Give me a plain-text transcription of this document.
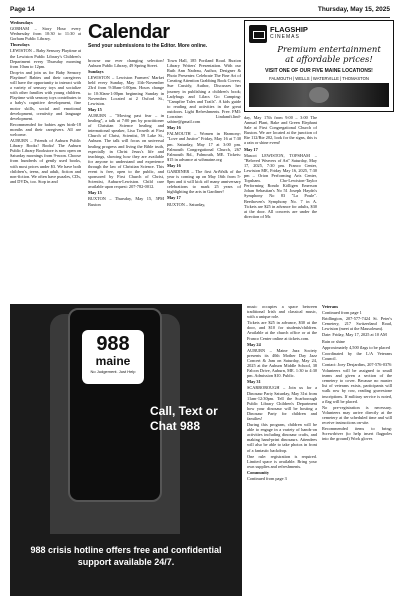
Page 14	Thursday, May 15, 2025
Calendar
Send your submissions to the Editor. More online.

Wednesdays

GORHAM – Story Hour every Wednesday from 10:30 to 11:30 at Gorham Public Library.

Thursdays

LEWISTON – Baby Sensory Playtime at the Lewiston Public Library's Children's Department every Thursday morning from 10am to 12pm.

Drop-in and join us for Baby Sensory Playtime! Babies and their caregivers will have the opportunity to interact with a variety of sensory toys and socialize with other families with young children. Playtime with sensory toys contributes to a baby's cognitive development, fine motor skills, social and emotional development, creativity and language development.

Recommended for babies ages birth-18 months and their caregivers. All are welcome.

AUBURN – Friends of Auburn Public Library Books! Books! The Auburn Public Library Bookstore is now open on Saturday mornings from 9-noon. Choose from hundreds of gently used books, with most prices under $3. We have both children's, teens, and adult, fiction and non-fiction. We often have puzzles, CDs, and DVDs, too. Stop in and

browse our ever changing selection! Auburn Public Library, 49 Spring Street.

Sundays

LEWISTON – Lewiston Farmers' Market held every Sunday, May 11th-November 23rd from 9:30am-1:00pm. Hours change to 10:30am-1:00pm beginning Sunday in November. Located at 2 Oxford St., Lewiston.

May 15

AUBURN – "Moving past fear – in healing", a talk at 7:00 pm by practitioner of Christian Science healing and international speaker, Lisa Troseth at First Church of Christ, Scientist, 59 Lake St., Auburn. The talk will focus on universal healing progress and living the Bible truth, especially in Christ Jesus's life and teachings, showing how they are available for anyone to understand and experience through the law of Christian Science. This event is free, open to the public, and sponsored by First Church of Christ, Scientist, Auburn-Lewiston. Child care available upon request: 207-782-0012.

May 15

BUXTON – Thursday, May 15, 5PM Buxton

Town Hall, 185 Portland Road. Buxton Library Writers' Presentation. With our Ruth Ann Nadeau, Author, Designer & Photo Presenter. Celebrate The Fine Art of Creating Attention Grabbing Book Covers; Sue Cassidy, Author, Discusses her journey in publishing a children's book; Ladybugs and Lilacs Go Camping: "Campfire Tales and Trails". A kids guide to reading and activities in the great outdoors. Light Refreshments. Free. FMI: Lorraine: Lindamft.lind-sabine@gmail.com

May 16

FALMOUTH – Women in Harmony: "Love and Justice" Friday, May 16 at 7:30 pm. Saturday, May 17 at 3:00 pm. Falmouth Congregational Church, 267 Falmouth Rd., Falmouth, ME. Tickets: $15 in advance at wihmaine.org

May 16

GARDINER – The first ArtWalk of the year is coming up on May 16th from 5-8pm and it will kick off many anniversary celebrations to mark 25 years of highlighting the arts in Gardiner!

May 17

BUXTON – Saturday,

day, May 17th from 9:00 – 3:00 The Annual Plant, Bake and Green Elephant Sale at First Congregational Church of Buxton. We are located at the junction of Rte 112/Rte 202, look for the signs, this is a rain or shine event!

May 17

Mascot LEWISTON, TOPSHAM – "Beloved Weavers of Art" Saturday, May 17, 2025, 7:30 pm. Franco Center, Lewiston ME, Friday May 16, 2025, 7:30 pm – Orion Performing Arts Center, Topsham. Cho-Lewiston-Taylor Performing Rondo Kölligen Emerson Johan Sebastian's No 51 Joseph Haydn's Symphony No 83 "La Poule". Beethoven's Symphony No. 7 in A. Tickets are $25 in advance for adults, $30 at the door. All concerts are under the direction of Mr.

music occupies a space between traditional Irish and classical music, with a unique role.

Tickets are $25 in advance, $30 at the door, and $10 for students/children. Available at the church office or at the Franco Center online at tickets.com.

May 24

AUBURN – Maine Jazz Society presents its 40th Mother Day Jazz Concert & Jam on Saturday, May 24, 2025 at the Auburn Middle School, 38 Falcon Drive, Auburn, ME. 1:30 to 4:30 pm. Admission $10. Public.

May 31

SCARBOROUGH – Join us for a Dinosaur Party Saturday, May 31st from 11am-12:30pm. Tell the Scarborough Public Library Children's Department how your dinosaur will be hosting a Dinosaur Party for children and families!

During this program, children will be able to engage in a variety of hands-on activities including dinosaur crafts, and making hand-print dinosaurs. Attendees will also be able to take photos in front of a fantastic backdrop.

One rule: registration is required. Limited space is available. Bring your own supplies and refreshments.

Community

Continued from page 3

Veterans

Continued from page 1

Bridlington, 207-577-7424 St. Peter's Cemetery, 217 Switzerland Road, Lewiston (meet at the Mausoleum).

Date: Friday, May 17, 2025 at 10 AM

Rain or shine

Approximately 4,500 flags to be placed

Coordinated by the L/A Veterans Council.

Contact: Joey Desjardins, 207-576-0376

Volunteers will be assigned to small teams and given a section of the cemetery to cover. Because no master list of veterans exists, participants will walk row by row, reading gravestone inscriptions. If military service is noted, a flag will be placed.

No pre-registration is necessary. Volunteers may arrive directly at the cemetery at the scheduled time and will receive instructions on-site.

Recommended items to bring: Screwdriver (to help insert flagpoles into the ground) Work gloves

FLAGSHIP
CINEMAS
Premium entertainment at affordable prices!
VISIT ONE OF OUR FIVE MAINE LOCATIONS!
FALMOUTH | WELLS | WATERVILLE | THOMASTON
988
maine
No Judgement. Just Help
Call, Text or Chat 988
988 crisis hotline offers free and confidential support available 24/7.
